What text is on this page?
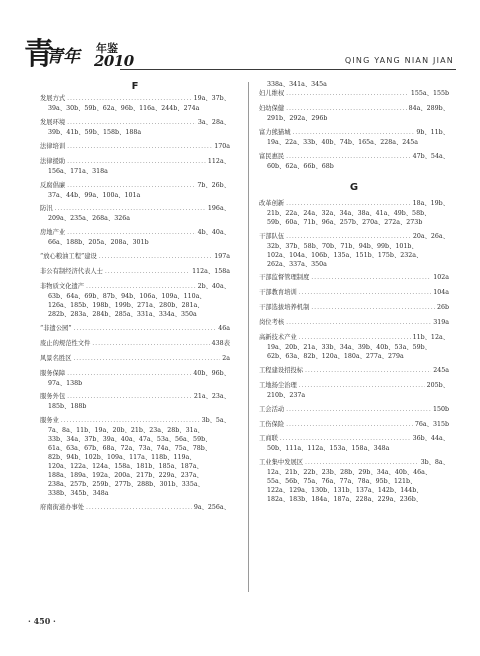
青
青年 年鉴
2010	QING YANG NIAN JIAN

F

发展方式 .....	19a、37b、

39a、30b、59b、62a、96b、116a、244b、274a

发展环境 .....	3a、28a、

39b、41b、59b、158b、188a

法律培训 .....	170a
法律援助 .....	112a、

156a、171a、318a

反腐倡廉 .....	7b、26b、

37a、44b、99a、100a、101a

防汛 .....	196a、

209a、235a、268a、326a

房地产业 .....	4b、40a、

66a、188b、205a、208a、301b

“放心粮油工程”建设 .....	197a
非公有制经济代表人士 .....	112a、158a
非物质文化遗产 .....	2b、40a、

63b、64a、69b、87b、94b、106a、109a、110a、

126a、185b、198b、199b、271a、280b、281a、

282b、283a、284b、285a、331a、334a、350a

“非遗公园” .....	46a
废止的规范性文件 .....	438表
风景名胜区 .....	2a
服务保障 .....	40b、96b、

97a、138b

服务外包 .....	21a、23a、

185b、188b

服务业 .....	3b、5a、

7a、8a、11b、19a、20b、21b、23a、28b、31a、

33b、34a、37b、39a、40a、47a、53a、56a、59b、

61a、63a、67b、68a、72a、73a、74a、75a、78b、

82b、94b、102b、109a、117a、118b、119a、

120a、122a、124a、158a、181b、185a、187a、

188a、189a、192a、200a、217b、229a、237a、

238a、257b、259b、277b、288b、301b、335a、

338b、345b、348a

府南街道办事处 .....	9a、256a、

338a、341a、345a

妇儿维权 .....	155a、155b
妇幼保健 .....	84a、289b、

291b、292a、296b

富力熊猫城 .....	9b、11b、

19a、22a、33b、40b、74b、165a、228a、245a

富民惠民 .....	47b、54a、

60b、62a、66b、68b

G

改革创新 .....	18a、19b、

21b、22a、24a、32a、34a、38a、41a、49b、58b、

59b、60a、71b、96a、257b、270a、272a、273b

干部队伍 .....	20a、26a、

32b、37b、58b、70b、71b、94b、99b、101b、

102a、104a、106b、135a、151b、175b、232a、

262a、337a、350a

干部监督管理制度 .....	102a
干部教育培训 .....	104a
干部选拔培养机制 .....	26b
岗位考核 .....	319a
高新技术产业 .....	11b、12a、

19a、20b、21a、33b、34a、39b、40b、53a、59b、

62b、63a、82b、120a、180a、277a、279a

工程建设招投标 .....	245a
工地扬尘治理 .....	205b、

210b、237a

工会活动 .....	150b
工伤保险 .....	76a、315b
工商联 .....	36b、44a、

50b、111a、112a、153a、158a、348a

工业集中发展区 .....	3b、8a、

12a、21b、22b、23b、28b、29b、34a、40b、46a、

55a、56b、75a、76a、77a、78a、95b、121b、

122a、129a、130b、131b、137a、142b、144b、

182a、183b、184a、187a、228a、229a、236b、

· 450 ·
